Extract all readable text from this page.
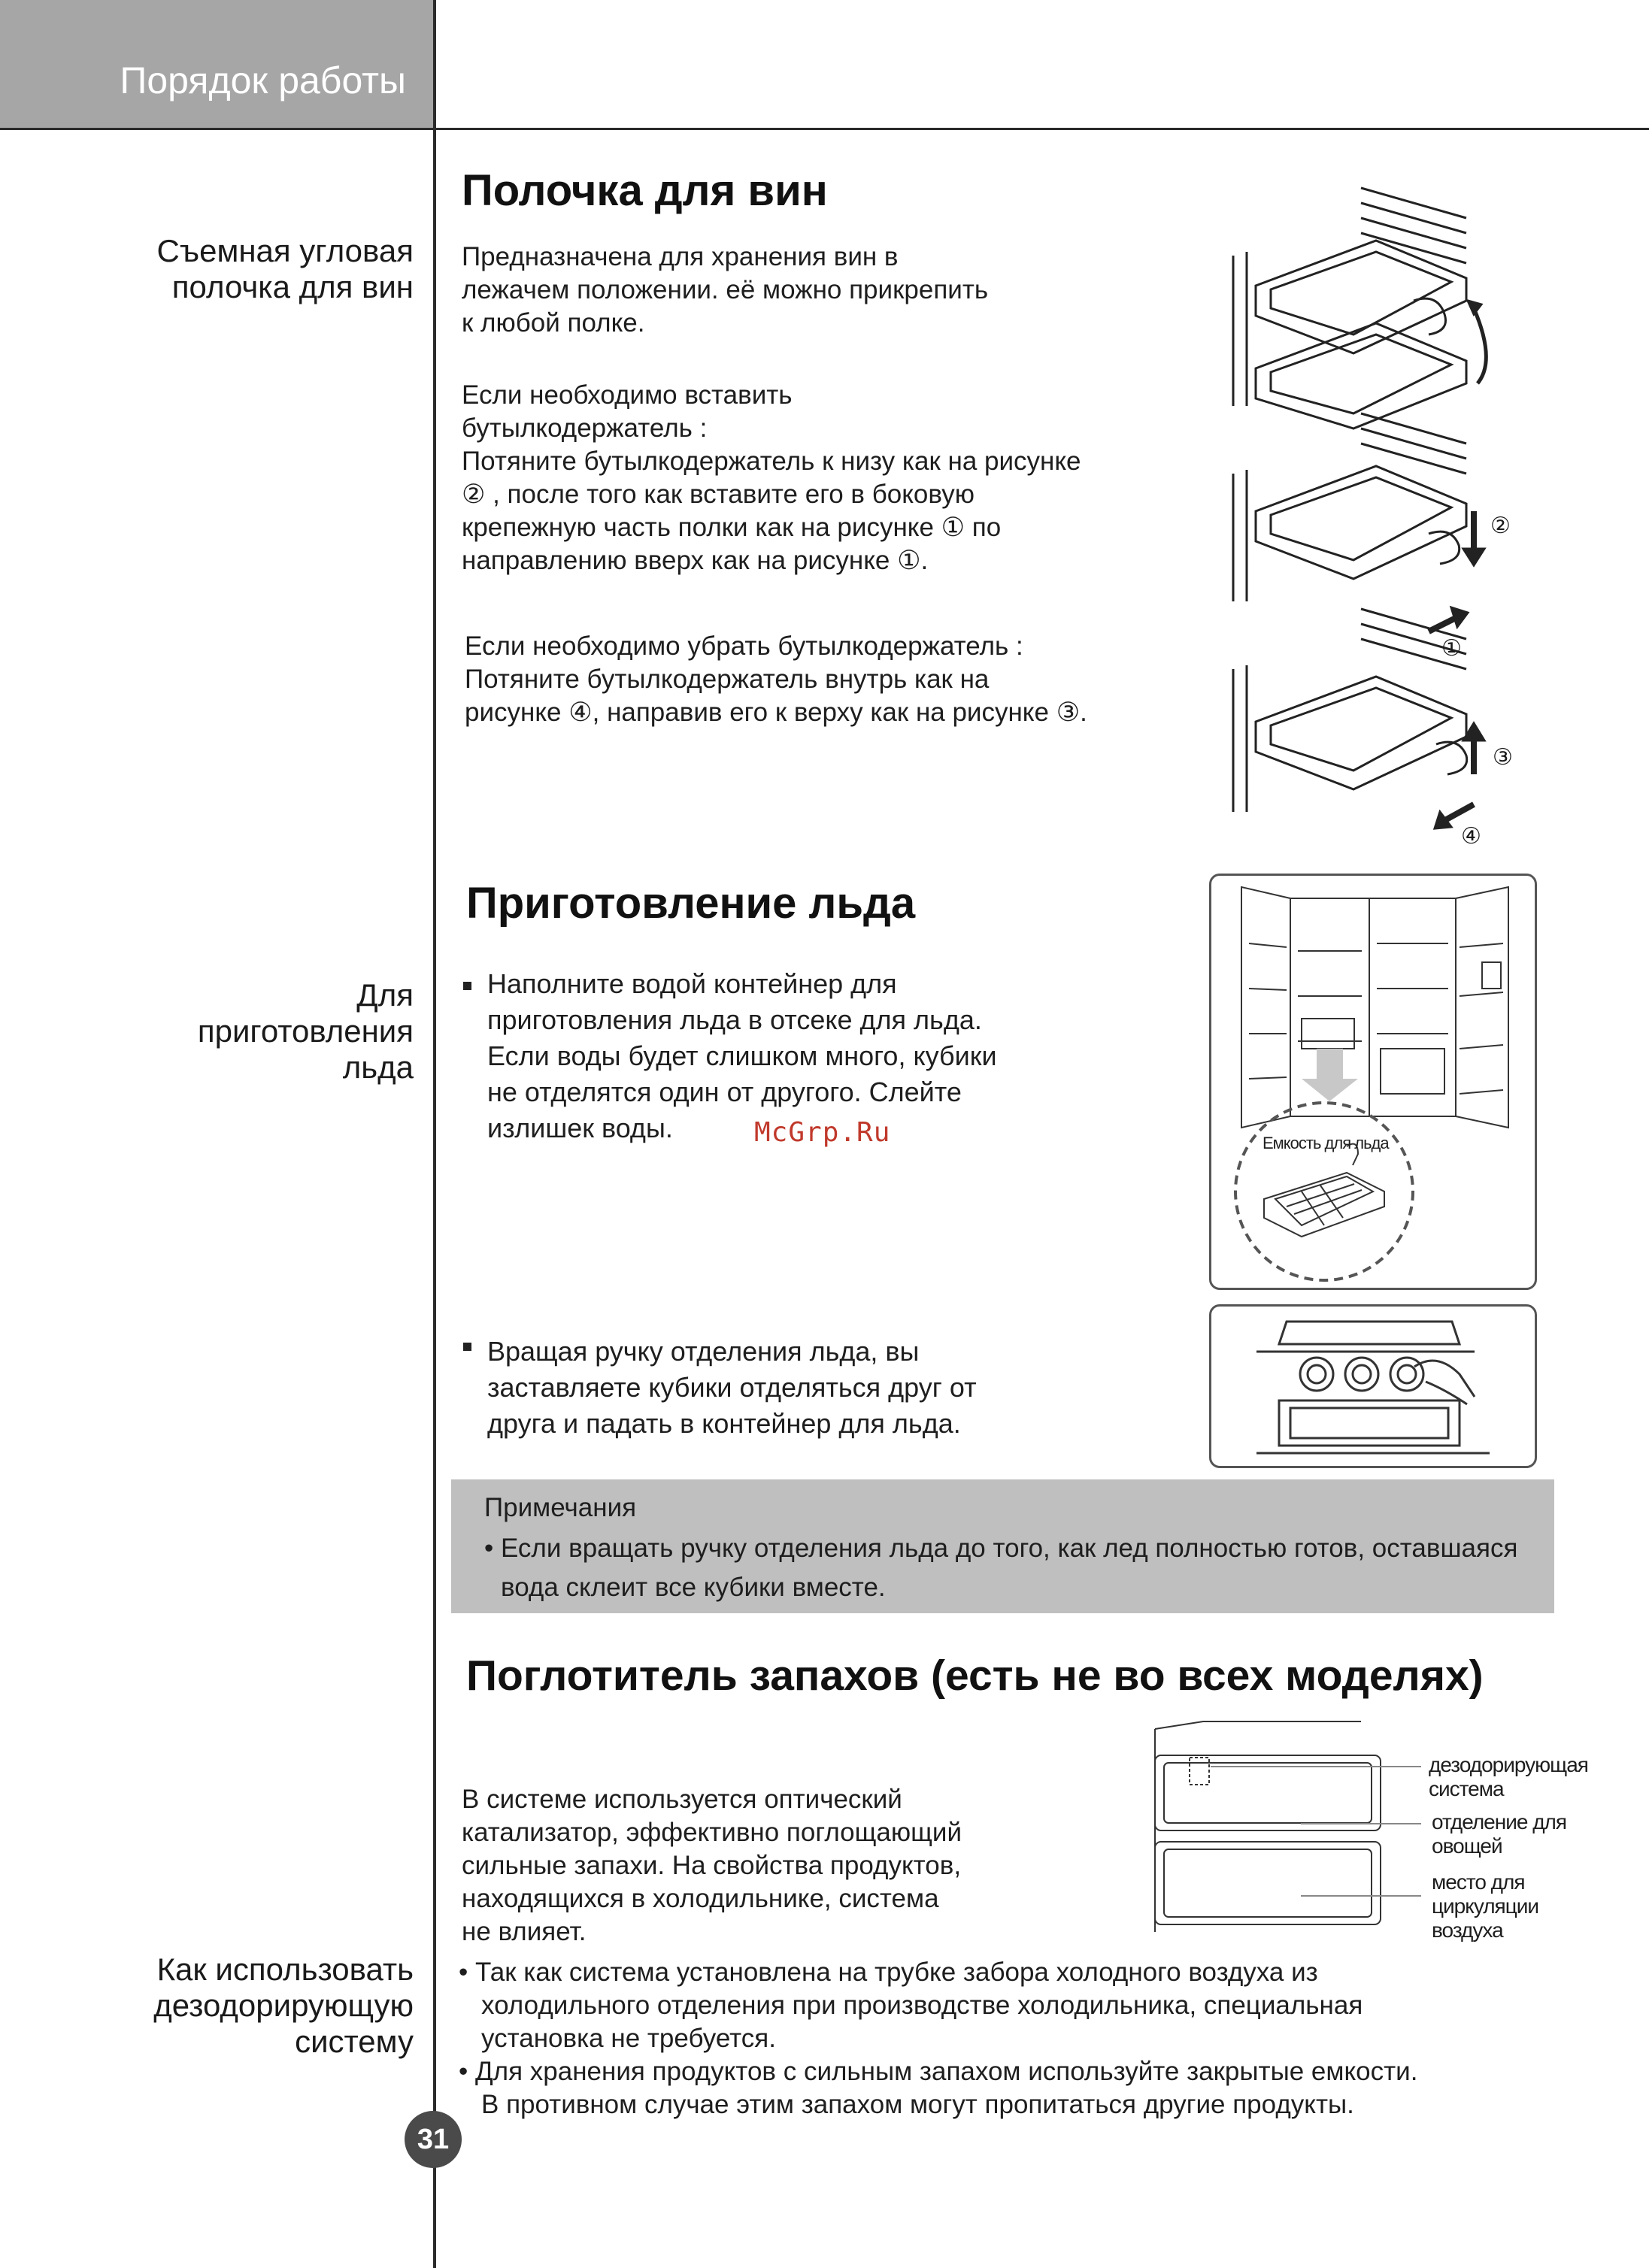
Порядок работы
Съемная угловая
полочка для вин
Полочка для вин
Предназначена для хранения вин в
лежачем положении. её можно прикрепить
к любой полке.
Если необходимо вставить
бутылкодержатель :
Потяните бутылкодержатель к низу как на рисунке
② , после того как вставите его в боковую
крепежную часть полки как на рисунке ① по
направлению вверх как на рисунке ①.
Если необходимо убрать бутылкодержатель :
Потяните бутылкодержатель внутрь как на
рисунке ④, направив его к верху как на рисунке ③.
②
①
③
④
Приготовление льда
Для
приготовления
льда
Наполните водой контейнер для
приготовления льда в отсеке для льда.
Если воды будет слишком много, кубики
не отделятся один от другого. Слейте
излишек воды.	McGrp.Ru
Вращая ручку отделения льда, вы
заставляете кубики отделяться друг от
друга и падать в контейнер для льда.
Емкость для льда
Примечания
• Если вращать ручку отделения льда до того, как лед полностью готов, оставшаяся
вода склеит все кубики вместе.
Поглотитель запахов (есть не во всех моделях)
Как использовать
дезодорирующую
систему
В системе используется оптический
катализатор, эффективно поглощающий
сильные запахи. На свойства продуктов,
находящихся в холодильнике, система
не влияет.
дезодорирующая
система
отделение для
овощей
место для
циркуляции
воздуха
• Так как система установлена на трубке забора холодного воздуха из
холодильного отделения при производстве холодильника, специальная
установка не требуется.
• Для хранения продуктов с сильным запахом используйте закрытые емкости.
В противном случае этим запахом могут пропитаться другие продукты.
31
